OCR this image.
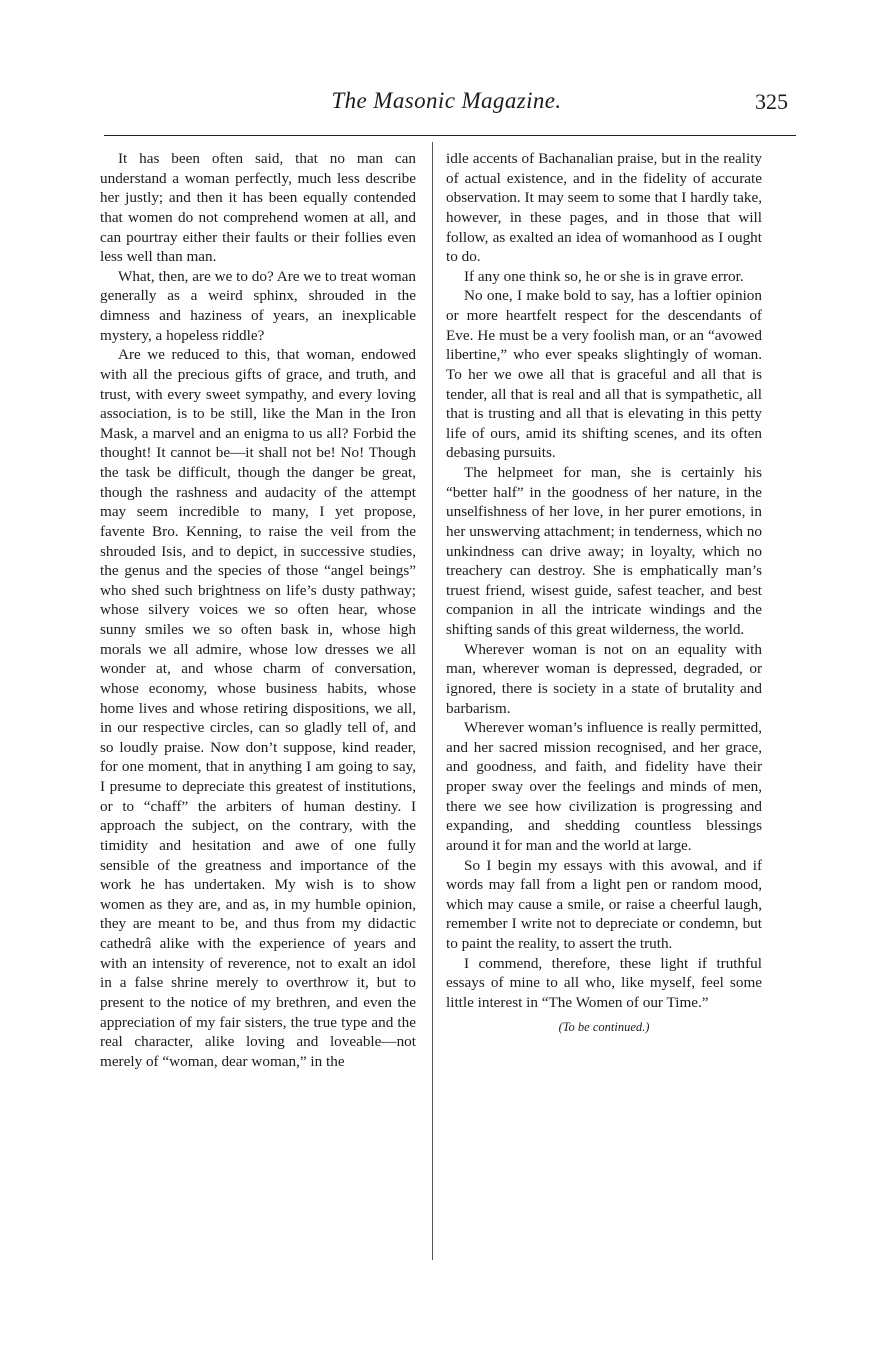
The Masonic Magazine.	325

It has been often said, that no man can understand a woman perfectly, much less describe her justly; and then it has been equally contended that women do not comprehend women at all, and can pourtray either their faults or their follies even less well than man.

What, then, are we to do? Are we to treat woman generally as a weird sphinx, shrouded in the dimness and haziness of years, an inexplicable mystery, a hopeless riddle?

Are we reduced to this, that woman, endowed with all the precious gifts of grace, and truth, and trust, with every sweet sympathy, and every loving association, is to be still, like the Man in the Iron Mask, a marvel and an enigma to us all? Forbid the thought! It cannot be—it shall not be! No! Though the task be difficult, though the danger be great, though the rashness and audacity of the attempt may seem incredible to many, I yet propose, favente Bro. Kenning, to raise the veil from the shrouded Isis, and to depict, in successive studies, the genus and the species of those “angel beings” who shed such brightness on life’s dusty pathway; whose silvery voices we so often hear, whose sunny smiles we so often bask in, whose high morals we all admire, whose low dresses we all wonder at, and whose charm of conversation, whose economy, whose business habits, whose home lives and whose retiring dispositions, we all, in our respective circles, can so gladly tell of, and so loudly praise. Now don’t suppose, kind reader, for one moment, that in anything I am going to say, I presume to depreciate this greatest of institutions, or to “chaff” the arbiters of human destiny. I approach the subject, on the contrary, with the timidity and hesitation and awe of one fully sensible of the greatness and importance of the work he has undertaken. My wish is to show women as they are, and as, in my humble opinion, they are meant to be, and thus from my didactic cathedrâ alike with the experience of years and with an intensity of reverence, not to exalt an idol in a false shrine merely to overthrow it, but to present to the notice of my brethren, and even the appreciation of my fair sisters, the true type and the real character, alike loving and loveable—not merely of “woman, dear woman,” in the

idle accents of Bachanalian praise, but in the reality of actual existence, and in the fidelity of accurate observation. It may seem to some that I hardly take, however, in these pages, and in those that will follow, as exalted an idea of womanhood as I ought to do.

If any one think so, he or she is in grave error.

No one, I make bold to say, has a loftier opinion or more heartfelt respect for the descendants of Eve. He must be a very foolish man, or an “avowed libertine,” who ever speaks slightingly of woman. To her we owe all that is graceful and all that is tender, all that is real and all that is sympathetic, all that is trusting and all that is elevating in this petty life of ours, amid its shifting scenes, and its often debasing pursuits.

The helpmeet for man, she is certainly his “better half” in the goodness of her nature, in the unselfishness of her love, in her purer emotions, in her unswerving attachment; in tenderness, which no unkindness can drive away; in loyalty, which no treachery can destroy. She is emphatically man’s truest friend, wisest guide, safest teacher, and best companion in all the intricate windings and the shifting sands of this great wilderness, the world.

Wherever woman is not on an equality with man, wherever woman is depressed, degraded, or ignored, there is society in a state of brutality and barbarism.

Wherever woman’s influence is really permitted, and her sacred mission recognised, and her grace, and goodness, and faith, and fidelity have their proper sway over the feelings and minds of men, there we see how civilization is progressing and expanding, and shedding countless blessings around it for man and the world at large.

So I begin my essays with this avowal, and if words may fall from a light pen or random mood, which may cause a smile, or raise a cheerful laugh, remember I write not to depreciate or condemn, but to paint the reality, to assert the truth.

I commend, therefore, these light if truthful essays of mine to all who, like myself, feel some little interest in “The Women of our Time.”

(To be continued.)
